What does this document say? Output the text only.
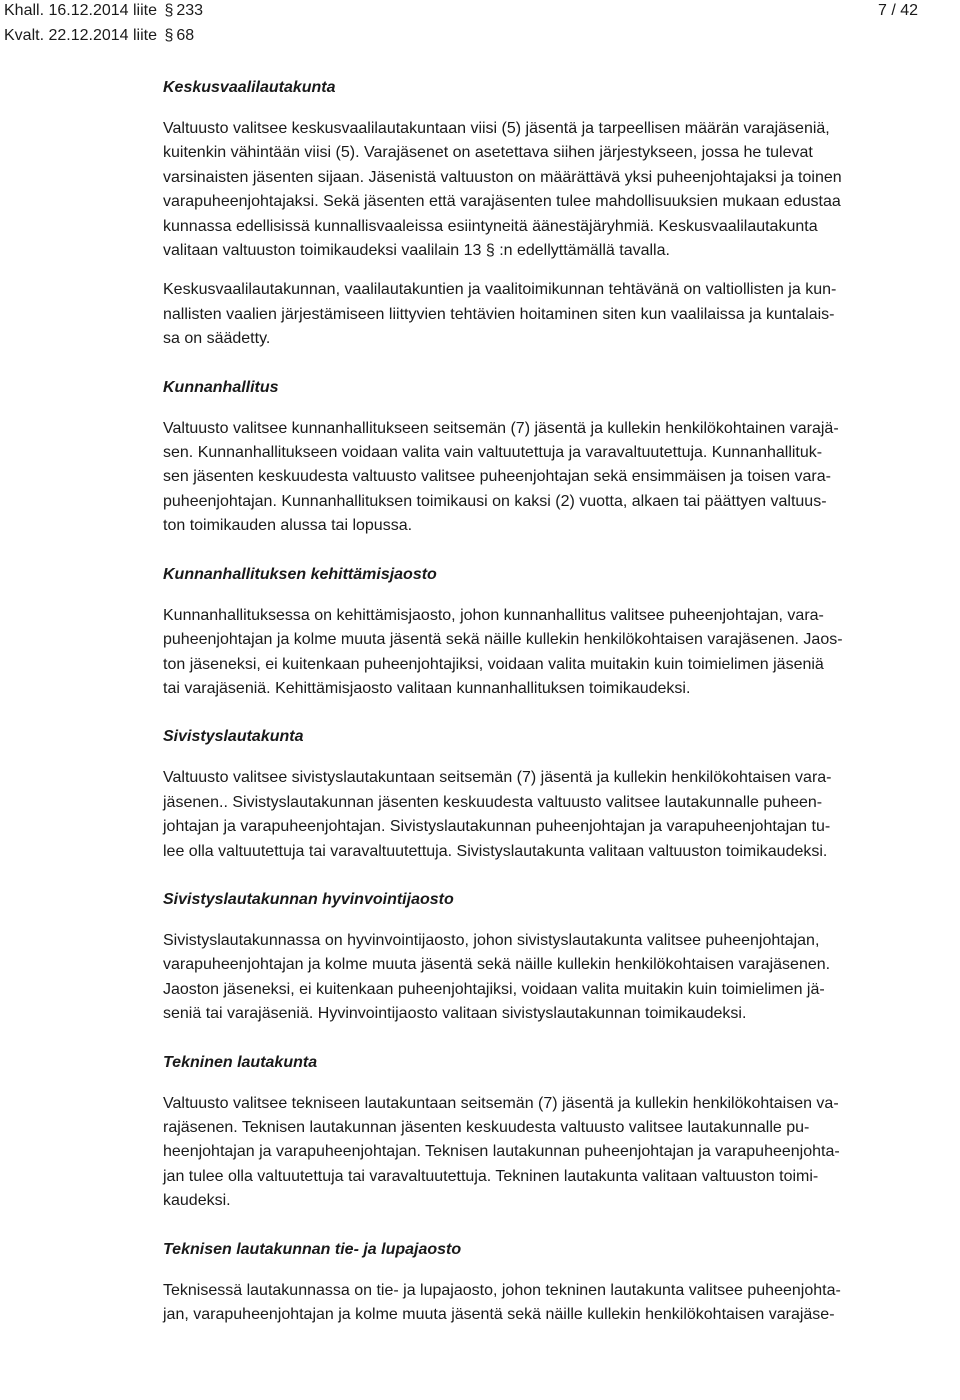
Khall. 16.12.2014 liite § 233
Kvalt. 22.12.2014 liite § 68
7 / 42
Keskusvaalilautakunta

Valtuusto valitsee keskusvaalilautakuntaan viisi (5) jäsentä ja tarpeellisen määrän varajäseniä,
kuitenkin vähintään viisi (5). Varajäsenet on asetettava siihen järjestykseen, jossa he tulevat
varsinaisten jäsenten sijaan. Jäsenistä valtuuston on määrättävä yksi puheenjohtajaksi ja toinen
varapuheenjohtajaksi. Sekä jäsenten että varajäsenten tulee mahdollisuuksien mukaan edustaa
kunnassa edellisissä kunnallisvaaleissa esiintyneitä äänestäjäryhmiä. Keskusvaalilautakunta
valitaan valtuuston toimikaudeksi vaalilain 13 § :n edellyttämällä tavalla.

Keskusvaalilautakunnan, vaalilautakuntien ja vaalitoimikunnan tehtävänä on valtiollisten ja kun-
nallisten vaalien järjestämiseen liittyvien tehtävien hoitaminen siten kun vaalilaissa ja kuntalais-
sa on säädetty.

Kunnanhallitus

Valtuusto valitsee kunnanhallitukseen seitsemän (7) jäsentä ja kullekin henkilökohtainen varajä-
sen. Kunnanhallitukseen voidaan valita vain valtuutettuja ja varavaltuutettuja. Kunnanhallituk-
sen jäsenten keskuudesta valtuusto valitsee puheenjohtajan sekä ensimmäisen ja toisen vara-
puheenjohtajan. Kunnanhallituksen toimikausi on kaksi (2) vuotta, alkaen tai päättyen valtuus-
ton toimikauden alussa tai lopussa.

Kunnanhallituksen kehittämisjaosto

Kunnanhallituksessa on kehittämisjaosto, johon kunnanhallitus valitsee puheenjohtajan, vara-
puheenjohtajan ja kolme muuta jäsentä sekä näille kullekin henkilökohtaisen varajäsenen. Jaos-
ton jäseneksi, ei kuitenkaan puheenjohtajiksi, voidaan valita muitakin kuin toimielimen jäseniä
tai varajäseniä. Kehittämisjaosto valitaan kunnanhallituksen toimikaudeksi.

Sivistyslautakunta

Valtuusto valitsee sivistyslautakuntaan seitsemän (7) jäsentä ja kullekin henkilökohtaisen vara-
jäsenen.. Sivistyslautakunnan jäsenten keskuudesta valtuusto valitsee lautakunnalle puheen-
johtajan ja varapuheenjohtajan. Sivistyslautakunnan puheenjohtajan ja varapuheenjohtajan tu-
lee olla valtuutettuja tai varavaltuutettuja. Sivistyslautakunta valitaan valtuuston toimikaudeksi.

Sivistyslautakunnan hyvinvointijaosto

Sivistyslautakunnassa on hyvinvointijaosto, johon sivistyslautakunta valitsee puheenjohtajan,
varapuheenjohtajan ja kolme muuta jäsentä sekä näille kullekin henkilökohtaisen varajäsenen.
Jaoston jäseneksi, ei kuitenkaan puheenjohtajiksi, voidaan valita muitakin kuin toimielimen jä-
seniä tai varajäseniä. Hyvinvointijaosto valitaan sivistyslautakunnan toimikaudeksi.

Tekninen lautakunta

Valtuusto valitsee tekniseen lautakuntaan seitsemän (7) jäsentä ja kullekin henkilökohtaisen va-
rajäsenen. Teknisen lautakunnan jäsenten keskuudesta valtuusto valitsee lautakunnalle pu-
heenjohtajan ja varapuheenjohtajan. Teknisen lautakunnan puheenjohtajan ja varapuheenjohta-
jan tulee olla valtuutettuja tai varavaltuutettuja. Tekninen lautakunta valitaan valtuuston toimi-
kaudeksi.

Teknisen lautakunnan tie- ja lupajaosto

Teknisessä lautakunnassa on tie- ja lupajaosto, johon tekninen lautakunta valitsee puheenjohta-
jan, varapuheenjohtajan ja kolme muuta jäsentä sekä näille kullekin henkilökohtaisen varajäse-
